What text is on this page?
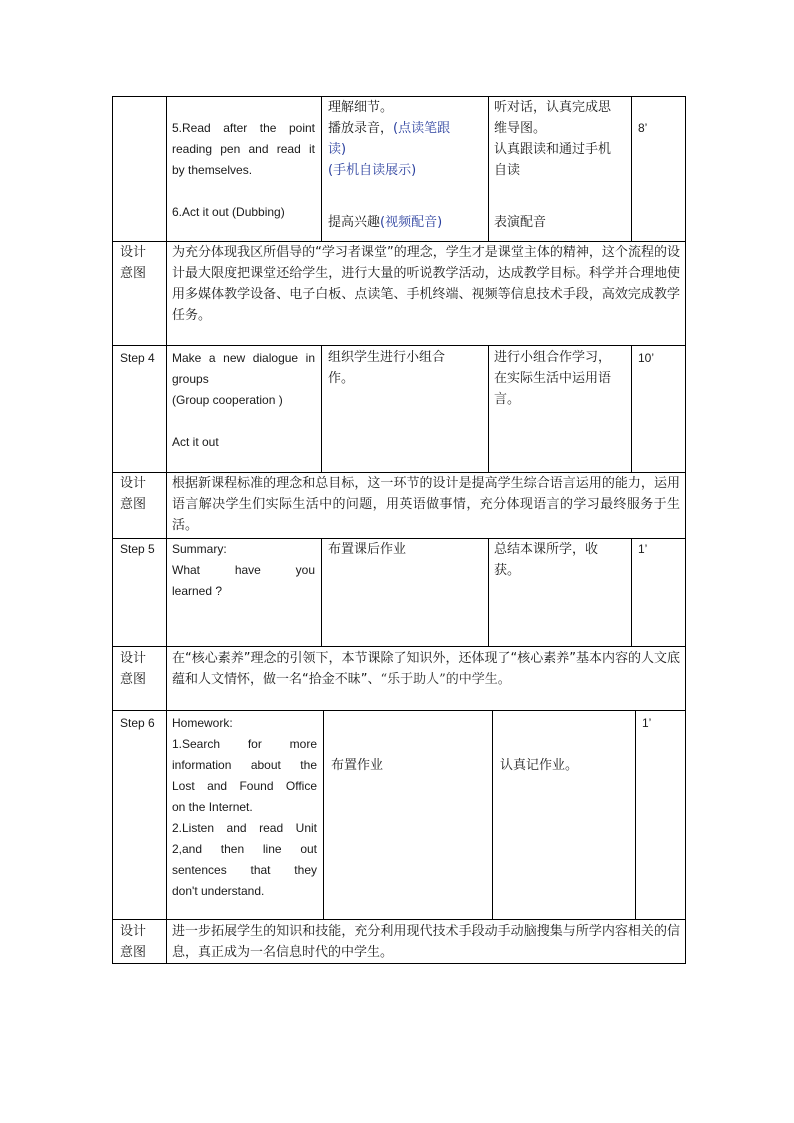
5.Read after the point

reading pen and read it

by themselves.

6.Act it out (Dubbing)

理解细节。

播放录音，(点读笔跟

读)

(手机自读展示)

提高兴趣(视频配音)

听对话，认真完成思

维导图。

认真跟读和通过手机

自读

表演配音

8’

设计

意图

为充分体现我区所倡导的“学习者课堂”的理念，学生才是课堂主体的精神，这个流程的设计最大限度把课堂还给学生，进行大量的听说教学活动，达成教学目标。科学并合理地使用多媒体教学设备、电子白板、点读笔、手机终端、视频等信息技术手段，高效完成教学任务。
Step 4 Make a new dialogue in

groups

(Group cooperation )

Act it out

组织学生进行小组合

作。

进行小组合作学习，

在实际生活中运用语

言。

10’

设计

意图

根据新课程标准的理念和总目标，这一环节的设计是提高学生综合语言运用的能力，运用语言解决学生们实际生活中的问题，用英语做事情，充分体现语言的学习最终服务于生活。
Step 5 Summary:

What have you

learned ?

布置课后作业	总结本课所学，收

获。

1’

设计

意图

在“核心素养”理念的引领下，本节课除了知识外，还体现了“核心素养”基本内容的人文底蕴和人文情怀，做一名“拾金不昧”、“乐于助人”的中学生。
Step 6 Homework:

1.Search for more

information about the

Lost and Found Office

on the Internet.

2.Listen and read Unit

2,and then line out

sentences that they

don't understand.

布置作业	认真记作业。
1’

设计

意图

进一步拓展学生的知识和技能，充分利用现代技术手段动手动脑搜集与所学内容相关的信息，真正成为一名信息时代的中学生。
